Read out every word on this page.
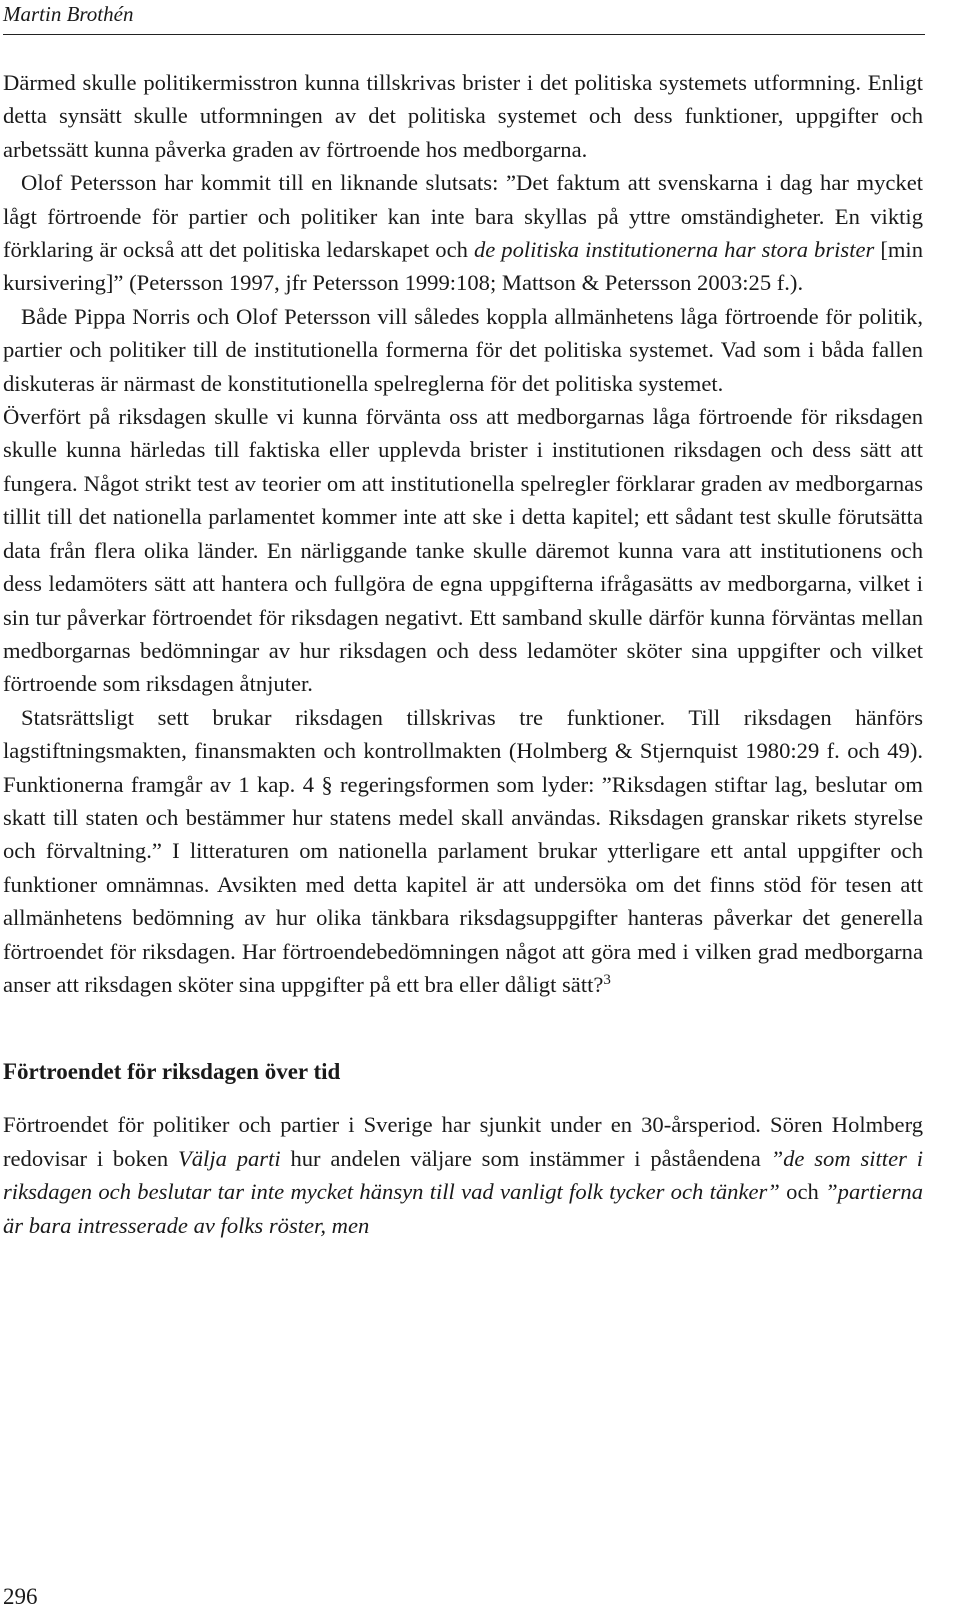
Martin Brothén

Därmed skulle politikermisstron kunna tillskrivas brister i det politiska systemets utformning. Enligt detta synsätt skulle utformningen av det politiska systemet och dess funktioner, uppgifter och arbetssätt kunna påverka graden av förtroende hos medborgarna.

Olof Petersson har kommit till en liknande slutsats: ”Det faktum att svenskarna i dag har mycket lågt förtroende för partier och politiker kan inte bara skyllas på yttre omständigheter. En viktig förklaring är också att det politiska ledarskapet och de politiska institutionerna har stora brister [min kursivering]” (Petersson 1997, jfr Petersson 1999:108; Mattson & Petersson 2003:25 f.).

Både Pippa Norris och Olof Petersson vill således koppla allmänhetens låga förtroende för politik, partier och politiker till de institutionella formerna för det politiska systemet. Vad som i båda fallen diskuteras är närmast de konstitutionella spelreglerna för det politiska systemet.

Överfört på riksdagen skulle vi kunna förvänta oss att medborgarnas låga förtroende för riksdagen skulle kunna härledas till faktiska eller upplevda brister i institutionen riksdagen och dess sätt att fungera. Något strikt test av teorier om att institutionella spelregler förklarar graden av medborgarnas tillit till det nationella parlamentet kommer inte att ske i detta kapitel; ett sådant test skulle förutsätta data från flera olika länder. En närliggande tanke skulle däremot kunna vara att institutionens och dess ledamöters sätt att hantera och fullgöra de egna uppgifterna ifrågasätts av medborgarna, vilket i sin tur påverkar förtroendet för riksdagen negativt. Ett samband skulle därför kunna förväntas mellan medborgarnas bedömningar av hur riksdagen och dess ledamöter sköter sina uppgifter och vilket förtroende som riksdagen åtnjuter.

Statsrättsligt sett brukar riksdagen tillskrivas tre funktioner. Till riksdagen hänförs lagstiftningsmakten, finansmakten och kontrollmakten (Holmberg & Stjernquist 1980:29 f. och 49). Funktionerna framgår av 1 kap. 4 § regeringsformen som lyder: ”Riksdagen stiftar lag, beslutar om skatt till staten och bestämmer hur statens medel skall användas. Riksdagen granskar rikets styrelse och förvaltning.” I litteraturen om nationella parlament brukar ytterligare ett antal uppgifter och funktioner omnämnas. Avsikten med detta kapitel är att undersöka om det finns stöd för tesen att allmänhetens bedömning av hur olika tänkbara riksdagsuppgifter hanteras påverkar det generella förtroendet för riksdagen. Har förtroendebedömningen något att göra med i vilken grad medborgarna anser att riksdagen sköter sina uppgifter på ett bra eller dåligt sätt?$^3$

Förtroendet för riksdagen över tid

Förtroendet för politiker och partier i Sverige har sjunkit under en 30-årsperiod. Sören Holmberg redovisar i boken Välja parti hur andelen väljare som instämmer i påståendena ”de som sitter i riksdagen och beslutar tar inte mycket hänsyn till vad vanligt folk tycker och tänker” och ”partierna är bara intresserade av folks röster, men

296
